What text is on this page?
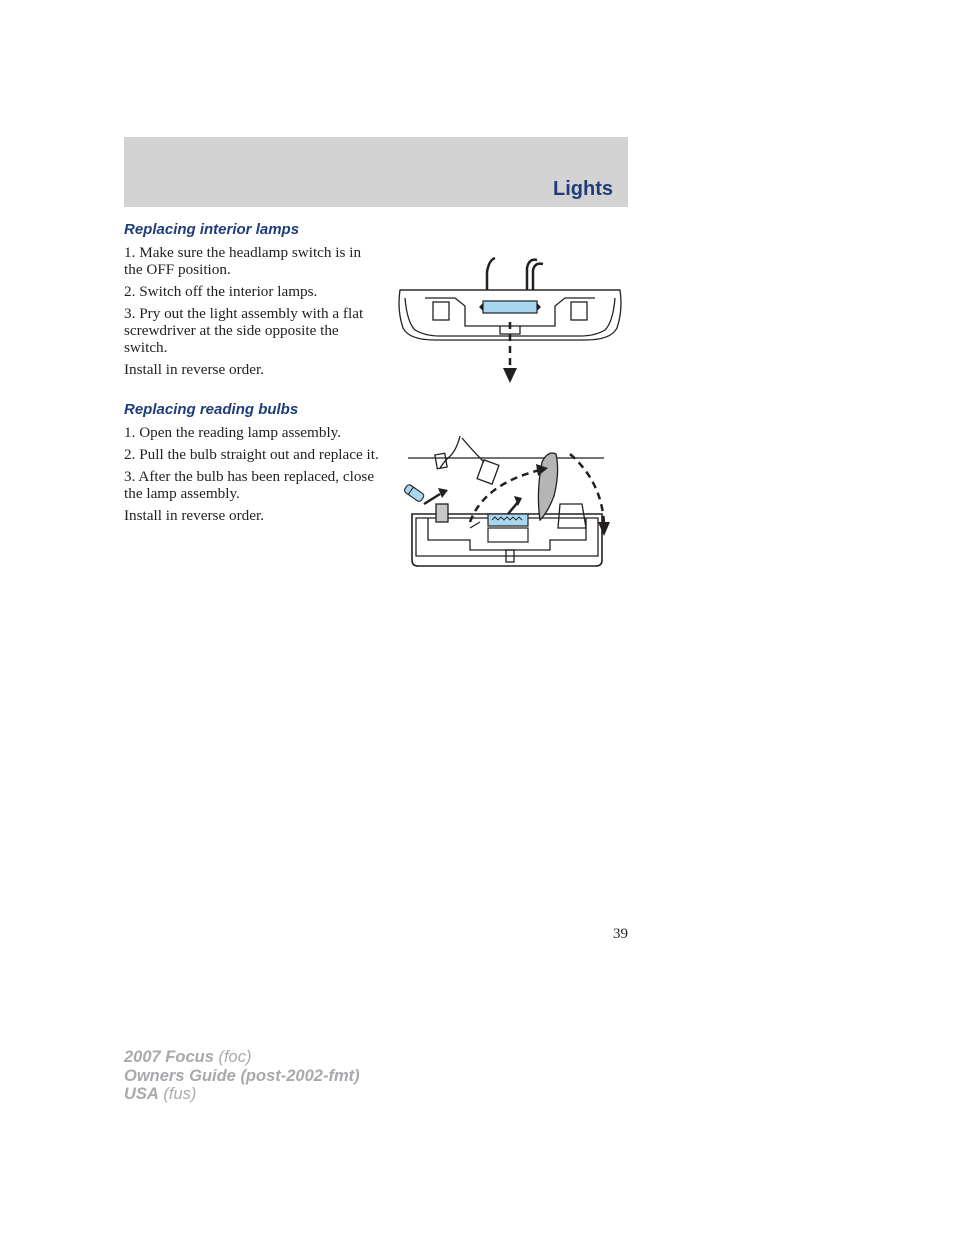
Lights
Replacing interior lamps

1. Make sure the headlamp switch is in the OFF position.

2. Switch off the interior lamps.

3. Pry out the light assembly with a flat screwdriver at the side opposite the switch.

Install in reverse order.

Replacing reading bulbs

1. Open the reading lamp assembly.

2. Pull the bulb straight out and replace it.

3. After the bulb has been replaced, close the lamp assembly.

Install in reverse order.

39
2007 Focus (foc)
Owners Guide (post-2002-fmt)
USA (fus)
